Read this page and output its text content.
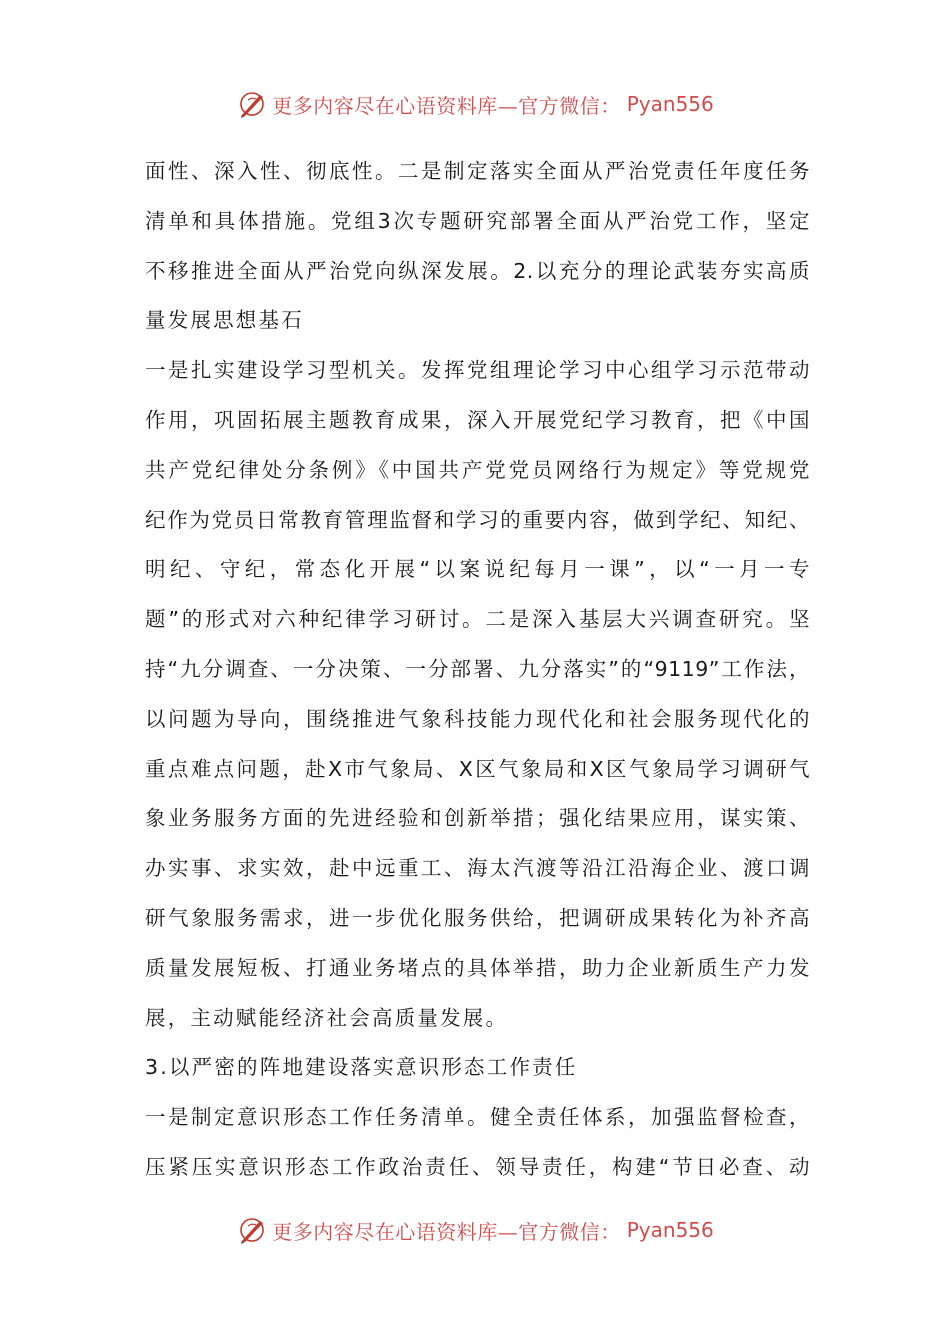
更多内容尽在心语资料库—官方微信： Pyan556
面性、深入性、彻底性。二是制定落实全面从严治党责任年度任务
清单和具体措施。党组3次专题研究部署全面从严治党工作，坚定
不移推进全面从严治党向纵深发展。2.以充分的理论武装夯实高质
量发展思想基石
一是扎实建设学习型机关。发挥党组理论学习中心组学习示范带动
作用，巩固拓展主题教育成果，深入开展党纪学习教育，把《中国
共产党纪律处分条例》《中国共产党党员网络行为规定》等党规党
纪作为党员日常教育管理监督和学习的重要内容，做到学纪、知纪、
明纪、守纪，常态化开展“以案说纪每月一课”，以“一月一专
题”的形式对六种纪律学习研讨。二是深入基层大兴调查研究。坚
持“九分调查、一分决策、一分部署、九分落实”的“9119”工作法，
以问题为导向，围绕推进气象科技能力现代化和社会服务现代化的
重点难点问题，赴X市气象局、X区气象局和X区气象局学习调研气
象业务服务方面的先进经验和创新举措；强化结果应用，谋实策、
办实事、求实效，赴中远重工、海太汽渡等沿江沿海企业、渡口调
研气象服务需求，进一步优化服务供给，把调研成果转化为补齐高
质量发展短板、打通业务堵点的具体举措，助力企业新质生产力发
展，主动赋能经济社会高质量发展。
3.以严密的阵地建设落实意识形态工作责任
一是制定意识形态工作任务清单。健全责任体系，加强监督检查，
压紧压实意识形态工作政治责任、领导责任，构建“节日必查、动
更多内容尽在心语资料库—官方微信： Pyan556
